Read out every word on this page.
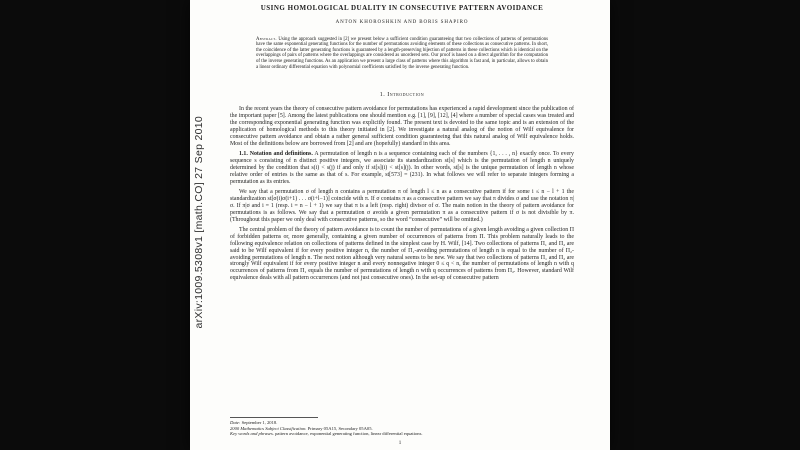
arXiv:1009.5308v1 [math.CO] 27 Sep 2010
USING HOMOLOGICAL DUALITY IN CONSECUTIVE PATTERN AVOIDANCE
ANTON KHOROSHKIN AND BORIS SHAPIRO
Abstract. Using the approach suggested in [2] we present below a sufficient condition guaranteeing that two collections of patterns of permutations have the same exponential generating functions for the number of permutations avoiding elements of these collections as consecutive patterns. In short, the coincidence of the latter generating functions is guaranteed by a length-preserving bijection of patterns in these collections which is identical on the overlappings of pairs of patterns where the overlappings are considered as unordered sets. Our proof is based on a direct algorithm for the computation of the inverse generating functions. As an application we present a large class of patterns where this algorithm is fast and, in particular, allows to obtain a linear ordinary differential equation with polynomial coefficients satisfied by the inverse generating function.
1. Introduction

In the recent years the theory of consecutive pattern avoidance for permutations has experienced a rapid development since the publication of the important paper [5]. Among the latest publications one should mention e.g. [1], [9], [12], [4] where a number of special cases was treated and the corresponding exponential generating function was explicitly found. The present text is devoted to the same topic and is an extension of the application of homological methods to this theory initiated in [2]. We investigate a natural analog of the notion of Wilf equivalence for consecutive pattern avoidance and obtain a rather general sufficient condition guaranteeing that this natural analog of Wilf equivalence holds. Most of the definitions below are borrowed from [2] and are (hopefully) standard in this area.

1.1. Notation and definitions. A permutation of length n is a sequence containing each of the numbers {1, . . . , n} exactly once. To every sequence s consisting of n distinct positive integers, we associate its standardization st[s] which is the permutation of length n uniquely determined by the condition that s(i) < s(j) if and only if st[s](i) < st[s](j). In other words, st[s] is the unique permutation of length n whose relative order of entries is the same as that of s. For example, st[573] = (231). In what follows we will refer to separate integers forming a permutation as its entries.

We say that a permutation σ of length n contains a permutation π of length l ≤ n as a consecutive pattern if for some i ≤ n − l + 1 the standardization st[σ(i)σ(i+1) . . . σ(i+l−1)] coincide with π. If σ contains π as a consecutive pattern we say that π divides σ and use the notation π|σ. If π|σ and i = 1 (resp. i = n − l + 1) we say that π is a left (resp. right) divisor of σ. The main notion in the theory of pattern avoidance for permutations is as follows. We say that a permutation σ avoids a given permutation π as a consecutive pattern if σ is not divisible by π. (Throughout this paper we only deal with consecutive patterns, so the word “consecutive” will be omitted.)

The central problem of the theory of pattern avoidance is to count the number of permutations of a given length avoiding a given collection Π of forbidden patterns or, more generally, containing a given number of occurrences of patterns from Π. This problem naturally leads to the following equivalence relation on collections of patterns defined in the simplest case by H. Wilf, [14]. Two collections of patterns Π₁ and Π₂ are said to be Wilf equivalent if for every positive integer n, the number of Π₁-avoiding permutations of length n is equal to the number of Π₂-avoiding permutations of length n. The next notion although very natural seems to be new. We say that two collections of patterns Π₁ and Π₂ are strongly Wilf equivalent if for every positive integer n and every nonnegative integer 0 ≤ q < n, the number of permutations of length n with q occurrences of patterns from Π₁ equals the number of permutations of length n with q occurrences of patterns from Π₂. However, standard Wilf equivalence deals with all pattern occurrences (and not just consecutive ones). In the set-up of consecutive pattern

Date: September 1, 2018.
2000 Mathematics Subject Classification. Primary 05A15, Secondary 05A05.
Key words and phrases. pattern avoidance, exponential generating function, linear differential equations.
1
